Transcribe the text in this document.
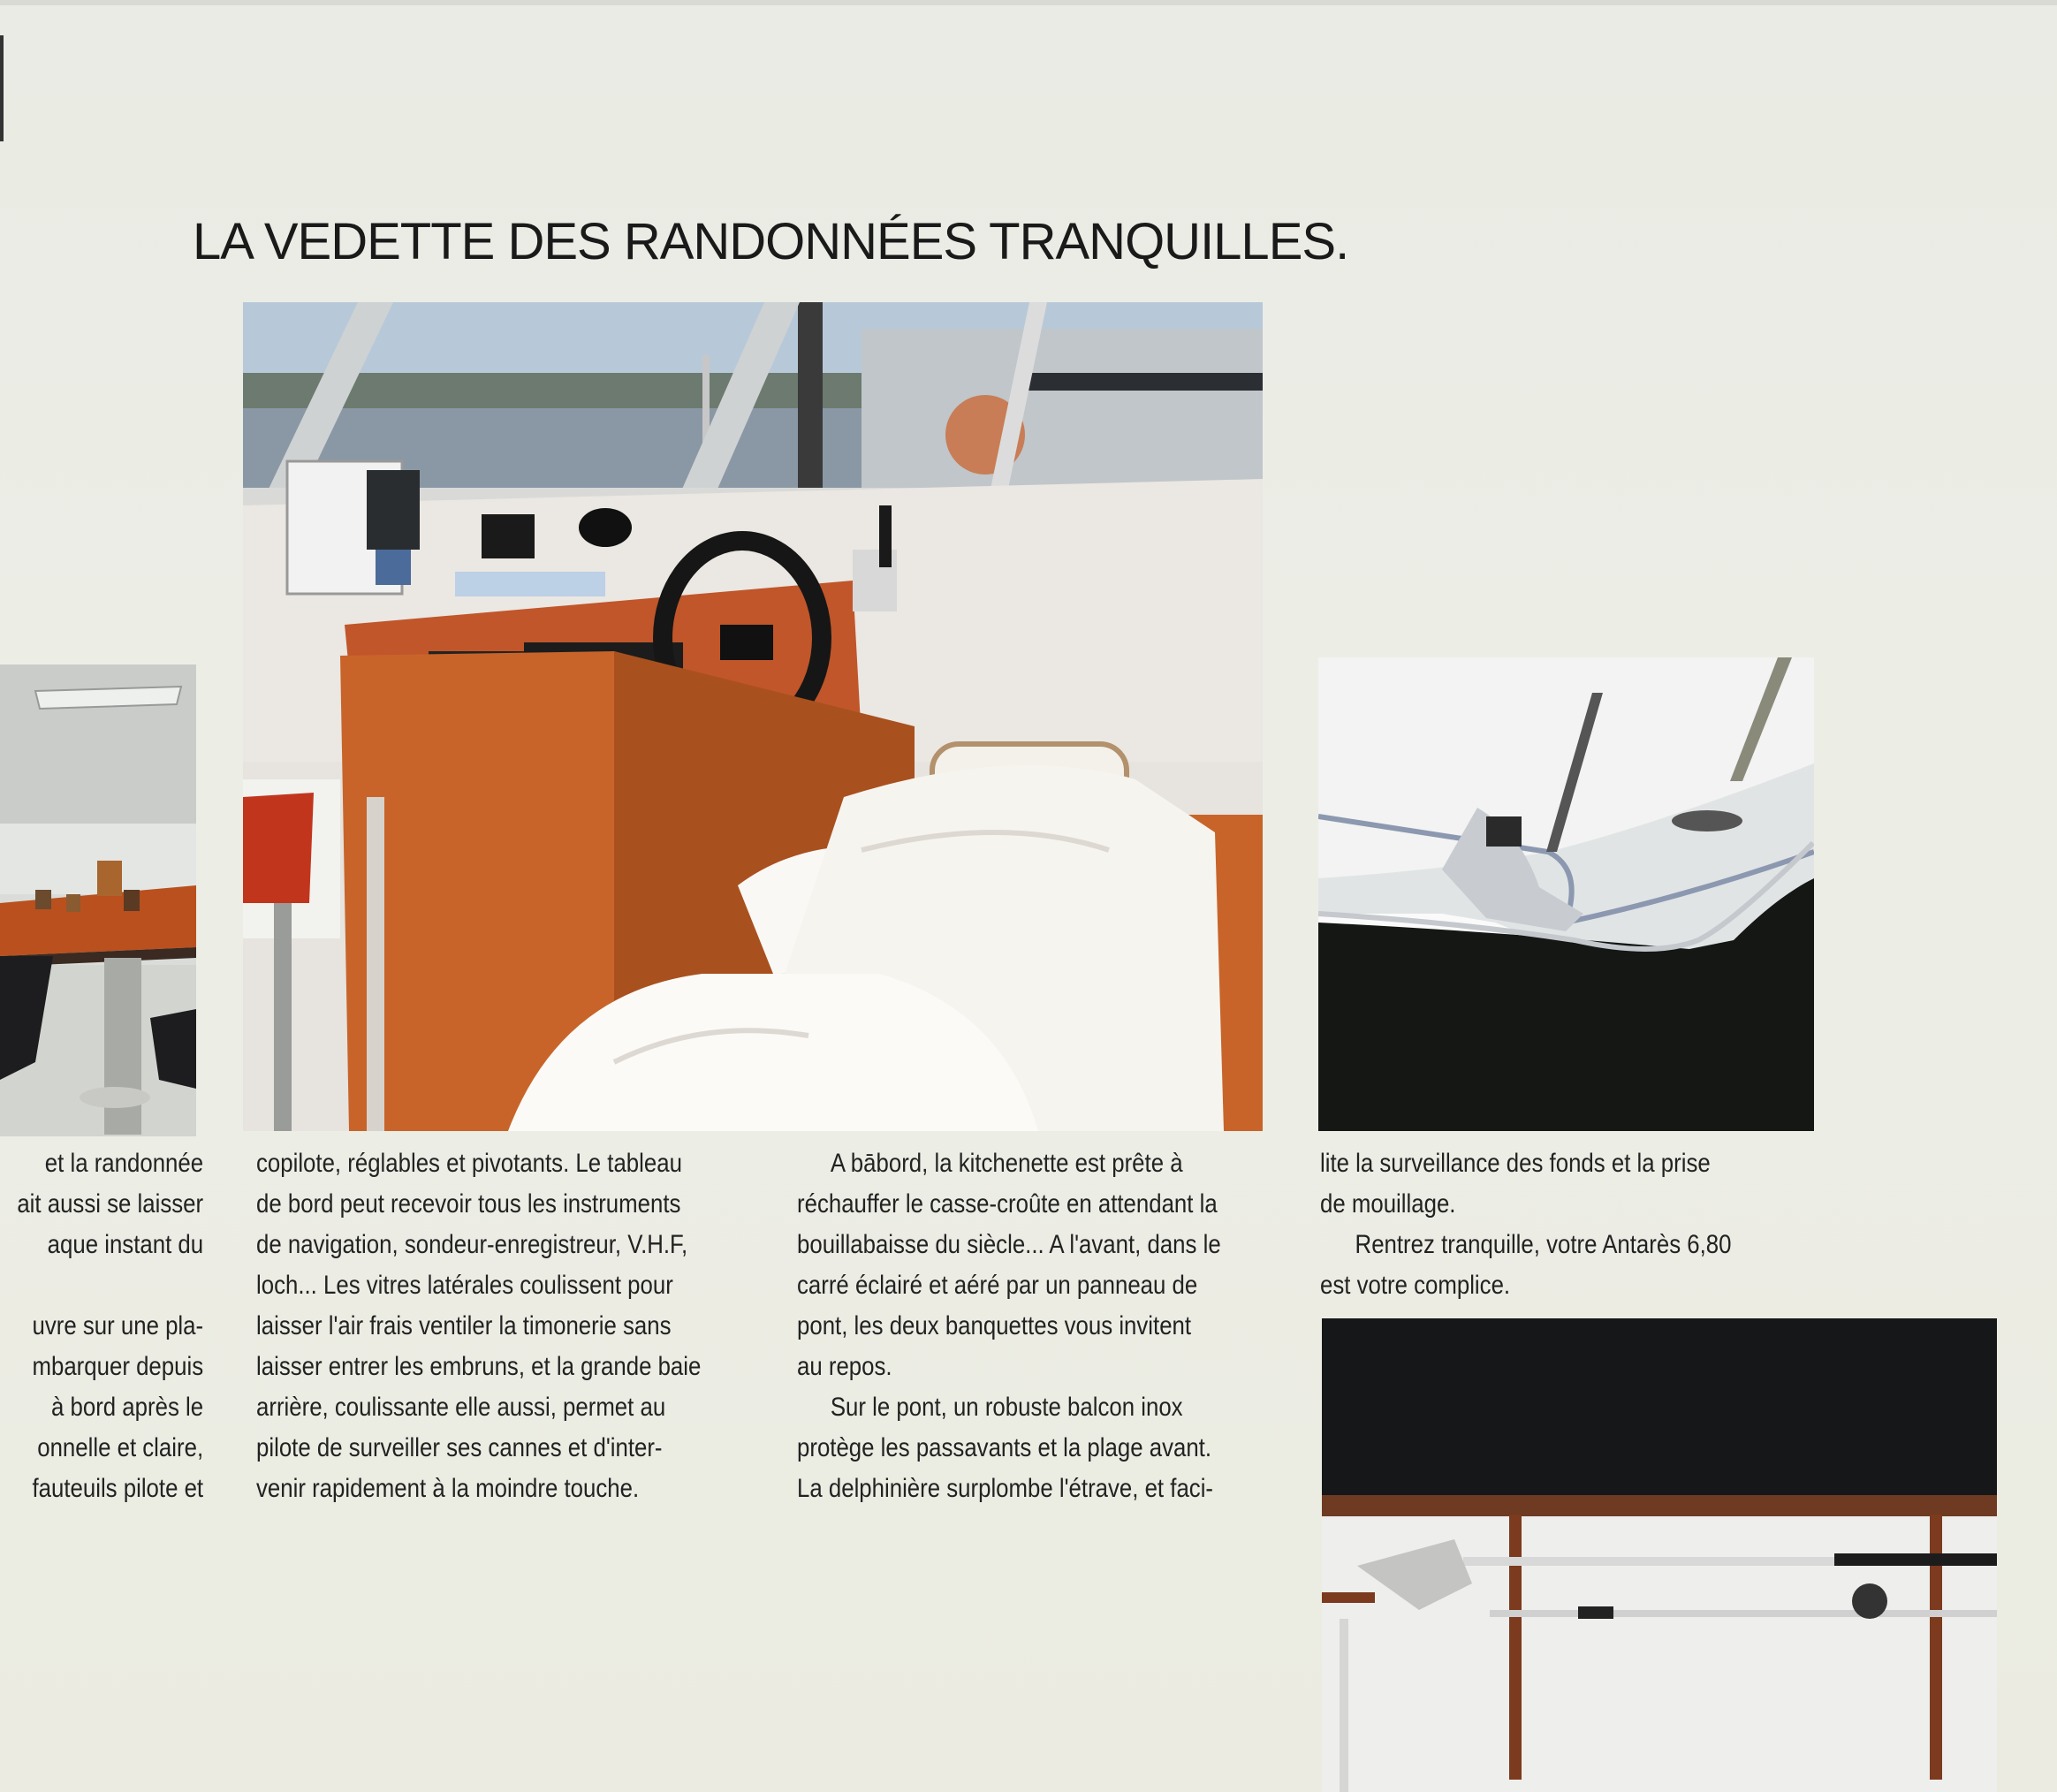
LA VEDETTE DES RANDONNÉES TRANQUILLES.

et la randonnée

ait aussi se laisser

aque instant du

uvre sur une pla-

mbarquer depuis

à bord après le

onnelle et claire,

fauteuils pilote et

copilote, réglables et pivotants. Le tableau

de bord peut recevoir tous les instruments

de navigation, sondeur-enregistreur, V.H.F,

loch... Les vitres latérales coulissent pour

laisser l'air frais ventiler la timonerie sans

laisser entrer les embruns, et la grande baie

arrière, coulissante elle aussi, permet au

pilote de surveiller ses cannes et d'inter-

venir rapidement à la moindre touche.

A bābord, la kitchenette est prête à

réchauffer le casse-croûte en attendant la

bouillabaisse du siècle... A l'avant, dans le

carré éclairé et aéré par un panneau de

pont, les deux banquettes vous invitent

au repos.

Sur le pont, un robuste balcon inox

protège les passavants et la plage avant.

La delphinière surplombe l'étrave, et faci-

lite la surveillance des fonds et la prise

de mouillage.

Rentrez tranquille, votre Antarès 6,80

est votre complice.
